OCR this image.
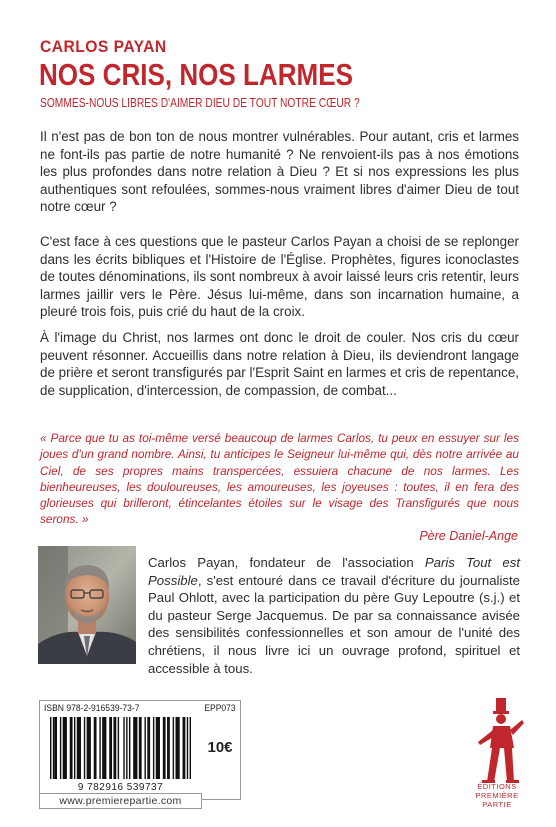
CARLOS PAYAN
NOS CRIS, NOS LARMES
SOMMES-NOUS LIBRES D'AIMER DIEU DE TOUT NOTRE CŒUR ?

Il n'est pas de bon ton de nous montrer vulnérables. Pour autant, cris et larmes ne font-ils pas partie de notre humanité ? Ne renvoient-ils pas à nos émotions les plus profondes dans notre relation à Dieu ? Et si nos expressions les plus authentiques sont refoulées, sommes-nous vraiment libres d'aimer Dieu de tout notre cœur ?

C'est face à ces questions que le pasteur Carlos Payan a choisi de se replonger dans les écrits bibliques et l'Histoire de l'Église. Prophètes, figures iconoclastes de toutes dénominations, ils sont nombreux à avoir laissé leurs cris retentir, leurs larmes jaillir vers le Père. Jésus lui-même, dans son incarnation humaine, a pleuré trois fois, puis crié du haut de la croix.

À l'image du Christ, nos larmes ont donc le droit de couler. Nos cris du cœur peuvent résonner. Accueillis dans notre relation à Dieu, ils deviendront langage de prière et seront transfigurés par l'Esprit Saint en larmes et cris de repentance, de supplication, d'intercession, de compassion, de combat...

« Parce que tu as toi-même versé beaucoup de larmes Carlos, tu peux en essuyer sur les joues d'un grand nombre. Ainsi, tu anticipes le Seigneur lui-même qui, dès notre arrivée au Ciel, de ses propres mains transpercées, essuiera chacune de nos larmes. Les bienheureuses, les douloureuses, les amoureuses, les joyeuses : toutes, il en fera des glorieuses qui brilleront, étincelantes étoiles sur le visage des Transfigurés que nous serons. »

Père Daniel-Ange

Carlos Payan, fondateur de l'association Paris Tout est Possible, s'est entouré dans ce travail d'écriture du journaliste Paul Ohlott, avec la participation du père Guy Lepoutre (s.j.) et du pasteur Serge Jacquemus. De par sa connaissance avisée des sensibilités confessionnelles et son amour de l'unité des chrétiens, il nous livre ici un ouvrage profond, spirituel et accessible à tous.

ISBN 978-2-916539-73-7
9 782916 539737
EPP073
10€
www.premierepartie.com
ÉDITIONS
PREMIÈRE
PARTIE
